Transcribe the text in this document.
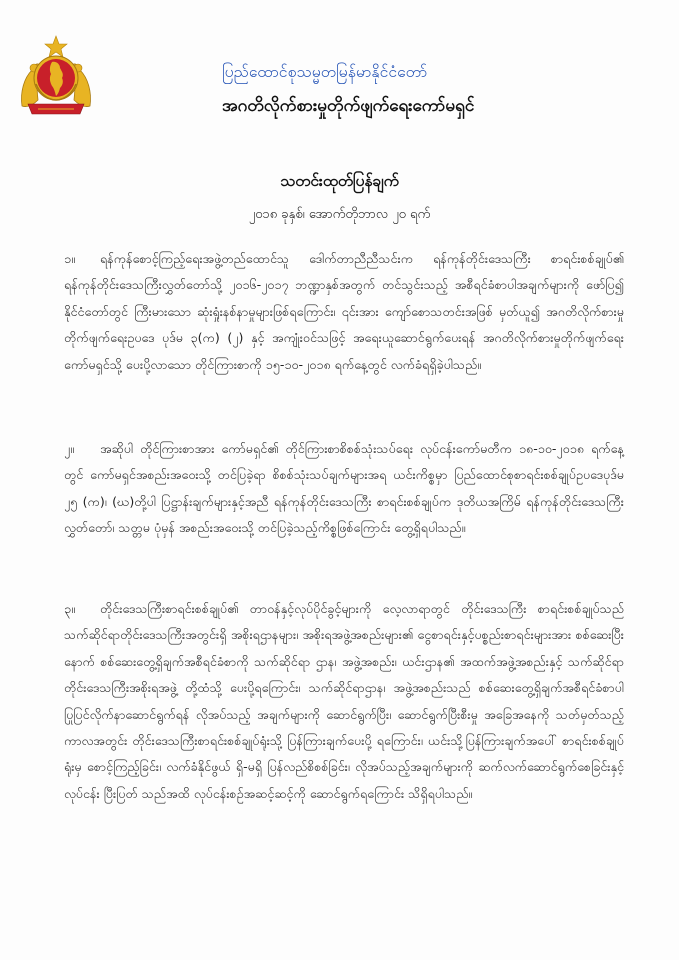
ပြည်ထောင်စုသမ္မတမြန်မာနိုင်ငံတော်
အဂတိလိုက်စားမှုတိုက်ဖျက်ရေးကော်မရှင်
သတင်းထုတ်ပြန်ချက်
၂၀၁၈ ခုနှစ်၊ အောက်တိုဘာလ ၂၀ ရက်
၁။ ရန်ကုန်စောင့်ကြည့်ရေးအဖွဲ့တည်ထောင်သူ ဒေါက်တာညီညီသင်းက ရန်ကုန်တိုင်းဒေသကြီး စာရင်းစစ်ချုပ်၏ ရန်ကုန်တိုင်းဒေသကြီးလွှတ်တော်သို့ ၂၀၁၆-၂၀၁၇ ဘဏ္ဍာနှစ်အတွက် တင်သွင်းသည့် အစီရင်ခံစာပါအချက်များကို ဖော်ပြ၍ နိုင်ငံတော်တွင် ကြီးမားသော ဆုံးရှုံးနစ်နာမှုများဖြစ်ရကြောင်း၊ ၎င်းအား ကျော်စောသတင်းအဖြစ် မှတ်ယူ၍ အဂတိလိုက်စားမှု တိုက်ဖျက်ရေးဥပဒေ ပုဒ်မ ၃(က) (၂) နှင့် အကျုံးဝင်သဖြင့် အရေးယူဆောင်ရွက်ပေးရန် အဂတိလိုက်စားမှုတိုက်ဖျက်ရေး ကော်မရှင်သို့ ပေးပို့လာသော တိုင်ကြားစာကို ၁၅-၁၀-၂၀၁၈ ရက်နေ့တွင် လက်ခံရရှိခဲ့ပါသည်။
၂။ အဆိုပါ တိုင်ကြားစာအား ကော်မရှင်၏ တိုင်ကြားစာစိစစ်သုံးသပ်ရေး လုပ်ငန်းကော်မတီက ၁၈-၁၀-၂၀၁၈ ရက်နေ့တွင် ကော်မရှင်အစည်းအဝေးသို့ တင်ပြခဲ့ရာ စိစစ်သုံးသပ်ချက်များအရ ယင်းကိစ္စမှာ ပြည်ထောင်စုစာရင်းစစ်ချုပ်ဥပဒေပုဒ်မ ၂၅ (က)၊ (ဃ)တို့ပါ ပြဋ္ဌာန်းချက်များနှင့်အညီ ရန်ကုန်တိုင်းဒေသကြီး စာရင်းစစ်ချုပ်က ဒုတိယအကြိမ် ရန်ကုန်တိုင်းဒေသကြီးလွှတ်တော်၊ သတ္တမ ပုံမှန် အစည်းအဝေးသို့ တင်ပြခဲ့သည့်ကိစ္စဖြစ်ကြောင်း တွေ့ရှိရပါသည်။
၃။ တိုင်းဒေသကြီးစာရင်းစစ်ချုပ်၏ တာဝန်နှင့်လုပ်ပိုင်ခွင့်များကို လေ့လာရာတွင် တိုင်းဒေသကြီး စာရင်းစစ်ချုပ်သည် သက်ဆိုင်ရာတိုင်းဒေသကြီးအတွင်းရှိ အစိုးရဌာနများ၊ အစိုးရအဖွဲ့အစည်းများ၏ ငွေစာရင်းနှင့်ပစ္စည်းစာရင်းများအား စစ်ဆေးပြီးနောက် စစ်ဆေးတွေ့ရှိချက်အစီရင်ခံစာကို သက်ဆိုင်ရာ ဌာန၊ အဖွဲ့အစည်း၊ ယင်းဌာန၏ အထက်အဖွဲ့အစည်းနှင့် သက်ဆိုင်ရာ တိုင်းဒေသကြီးအစိုးရအဖွဲ့ တို့ထံသို့ ပေးပို့ရကြောင်း၊ သက်ဆိုင်ရာဌာန၊ အဖွဲ့အစည်းသည် စစ်ဆေးတွေ့ရှိချက်အစီရင်ခံစာပါ ပြုပြင်လိုက်နာဆောင်ရွက်ရန် လိုအပ်သည့် အချက်များကို ဆောင်ရွက်ပြီး၊ ဆောင်ရွက်ပြီးစီးမှု အခြေအနေကို သတ်မှတ်သည့်ကာလအတွင်း တိုင်းဒေသကြီးစာရင်းစစ်ချုပ်ရုံးသို့ ပြန်ကြားချက်ပေးပို့ ရကြောင်း၊ ယင်းသို့ပြန်ကြားချက်အပေါ် စာရင်းစစ်ချုပ်ရုံးမှ စောင့်ကြည့်ခြင်း၊ လက်ခံနိုင်ဖွယ် ရှိ-မရှိ ပြန်လည်စိစစ်ခြင်း၊ လိုအပ်သည့်အချက်များကို ဆက်လက်ဆောင်ရွက်စေခြင်းနှင့် လုပ်ငန်း ပြီးပြတ် သည်အထိ လုပ်ငန်းစဉ်အဆင့်ဆင့်ကို ဆောင်ရွက်ရကြောင်း သိရှိရပါသည်။
